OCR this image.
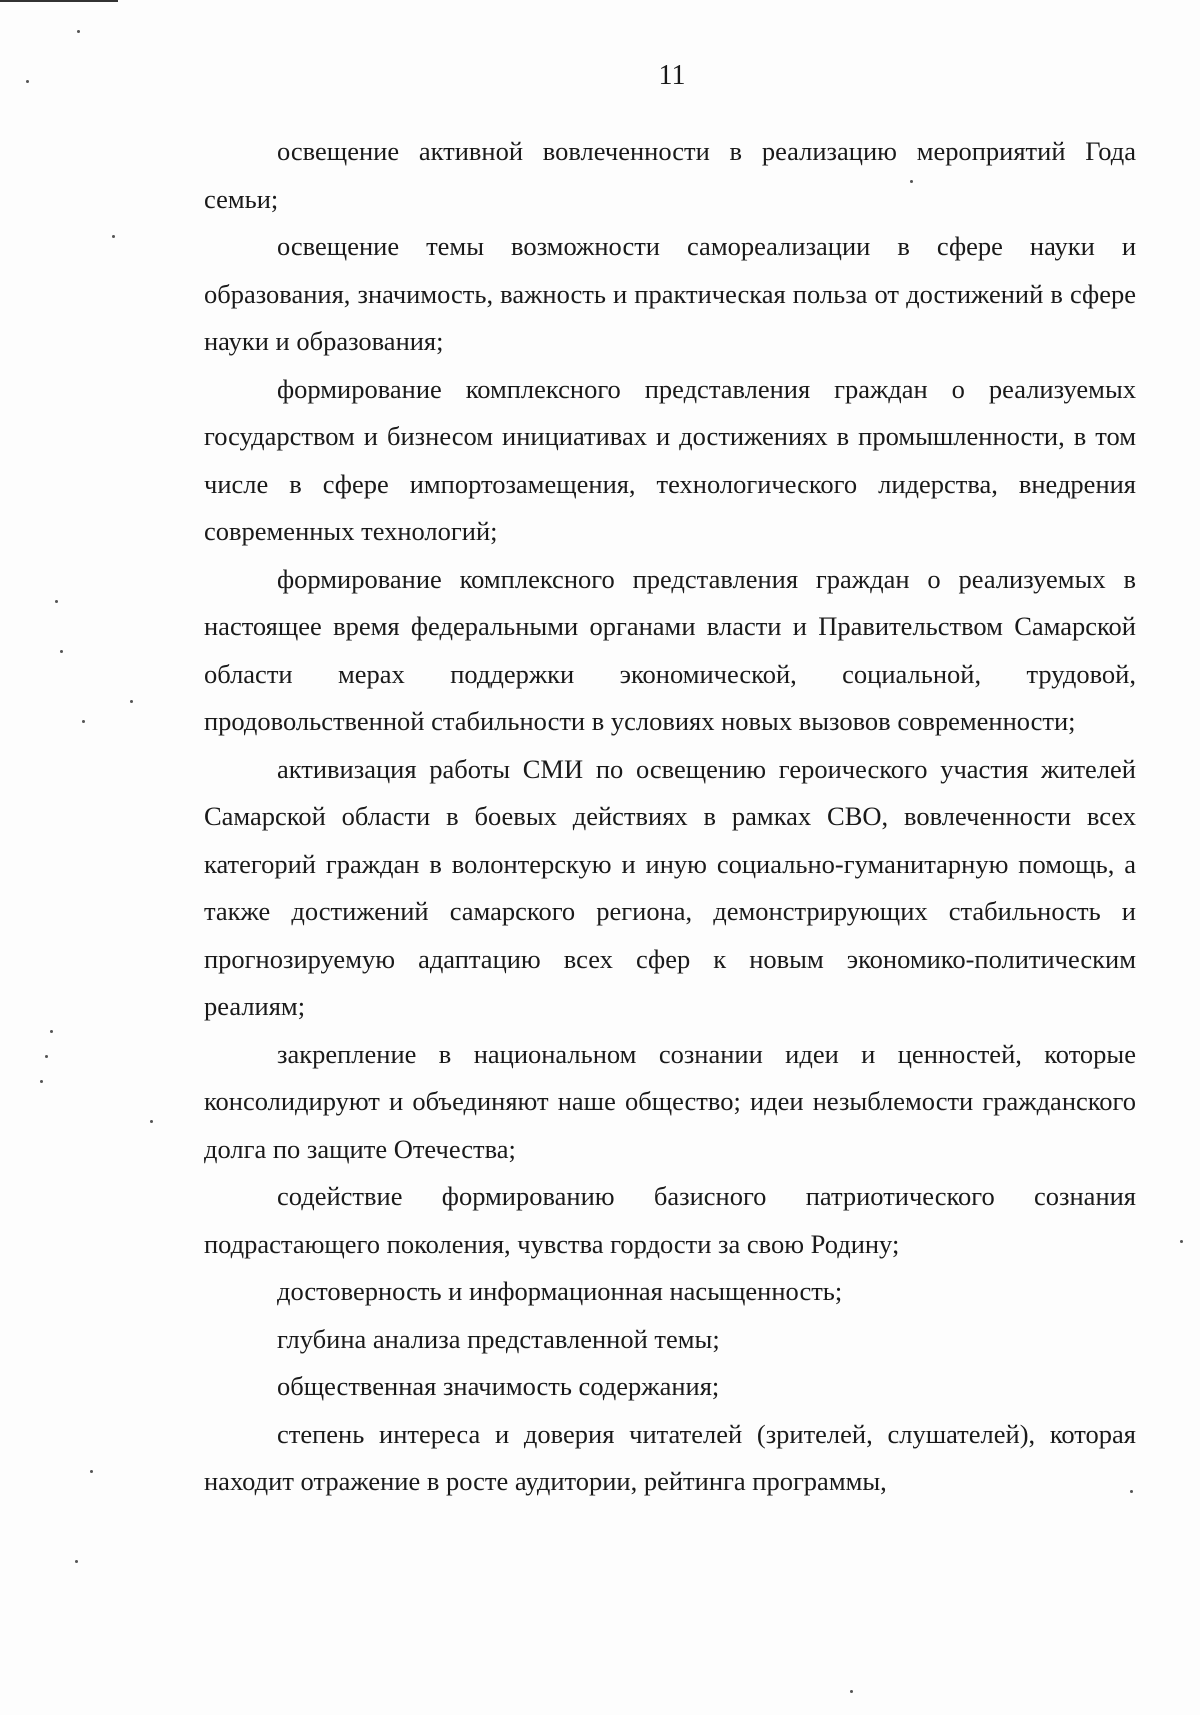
11

освещение активной вовлеченности в реализацию мероприятий Года семьи;

освещение темы возможности самореализации в сфере науки и образования, значимость, важность и практическая польза от достижений в сфере науки и образования;

формирование комплексного представления граждан о реализуемых государством и бизнесом инициативах и достижениях в промышленности, в том числе в сфере импортозамещения, технологического лидерства, внедрения современных технологий;

формирование комплексного представления граждан о реализуемых в настоящее время федеральными органами власти и Правительством Самарской области мерах поддержки экономической, социальной, трудовой, продовольственной стабильности в условиях новых вызовов современности;

активизация работы СМИ по освещению героического участия жителей Самарской области в боевых действиях в рамках СВО, вовлеченности всех категорий граждан в волонтерскую и иную социально-гуманитарную помощь, а также достижений самарского региона, демонстрирующих стабильность и прогнозируемую адаптацию всех сфер к новым экономико-политическим реалиям;

закрепление в национальном сознании идеи и ценностей, которые консолидируют и объединяют наше общество; идеи незыблемости гражданского долга по защите Отечества;

содействие формированию базисного патриотического сознания подрастающего поколения, чувства гордости за свою Родину;

достоверность и информационная насыщенность;

глубина анализа представленной темы;

общественная значимость содержания;

степень интереса и доверия читателей (зрителей, слушателей), которая находит отражение в росте аудитории, рейтинга программы,
